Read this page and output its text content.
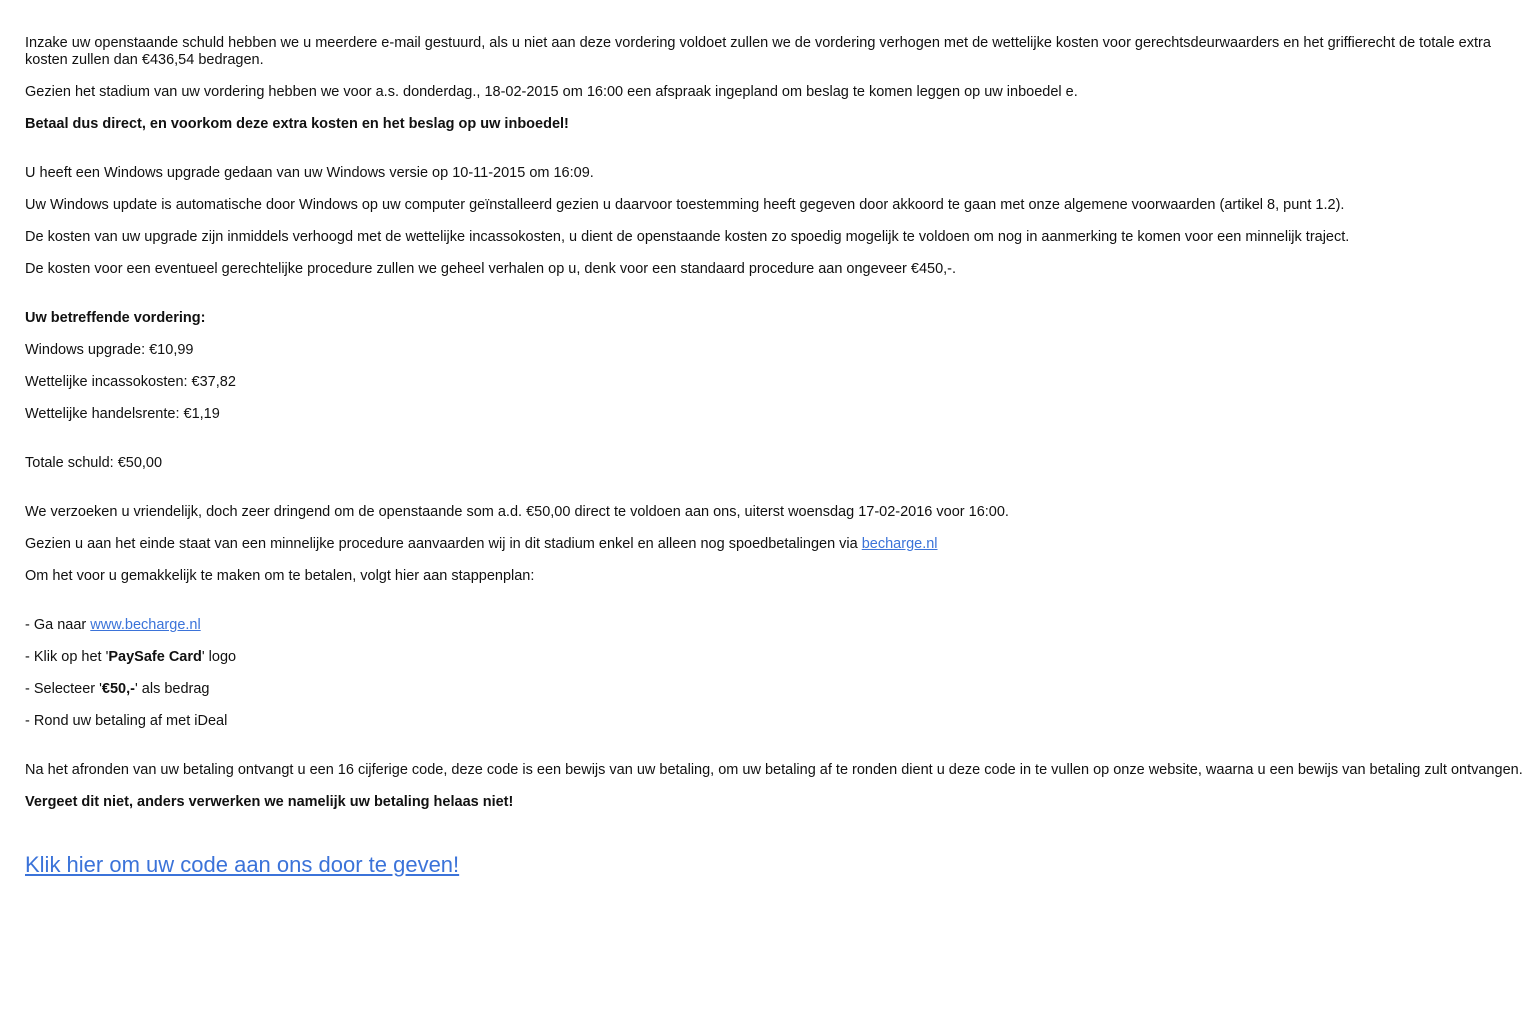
Inzake uw openstaande schuld hebben we u meerdere e-mail gestuurd, als u niet aan deze vordering voldoet zullen we de vordering verhogen met de wettelijke kosten voor gerechtsdeurwaarders en het griffierecht de totale extra kosten zullen dan €436,54 bedragen.
Gezien het stadium van uw vordering hebben we voor a.s. donderdag., 18-02-2015 om 16:00 een afspraak ingepland om beslag te komen leggen op uw inboedel e.
Betaal dus direct, en voorkom deze extra kosten en het beslag op uw inboedel!
U heeft een Windows upgrade gedaan van uw Windows versie op 10-11-2015 om 16:09.
Uw Windows update is automatische door Windows op uw computer geïnstalleerd gezien u daarvoor toestemming heeft gegeven door akkoord te gaan met onze algemene voorwaarden (artikel 8, punt 1.2).
De kosten van uw upgrade zijn inmiddels verhoogd met de wettelijke incassokosten, u dient de openstaande kosten zo spoedig mogelijk te voldoen om nog in aanmerking te komen voor een minnelijk traject.
De kosten voor een eventueel gerechtelijke procedure zullen we geheel verhalen op u, denk voor een standaard procedure aan ongeveer €450,-.
Uw betreffende vordering:
Windows upgrade: €10,99
Wettelijke incassokosten: €37,82
Wettelijke handelsrente: €1,19
Totale schuld: €50,00
We verzoeken u vriendelijk, doch zeer dringend om de openstaande som a.d. €50,00 direct te voldoen aan ons, uiterst woensdag 17-02-2016 voor 16:00.
Gezien u aan het einde staat van een minnelijke procedure aanvaarden wij in dit stadium enkel en alleen nog spoedbetalingen via becharge.nl
Om het voor u gemakkelijk te maken om te betalen, volgt hier aan stappenplan:
- Ga naar www.becharge.nl
- Klik op het 'PaySafe Card' logo
- Selecteer '€50,-' als bedrag
- Rond uw betaling af met iDeal
Na het afronden van uw betaling ontvangt u een 16 cijferige code, deze code is een bewijs van uw betaling, om uw betaling af te ronden dient u deze code in te vullen op onze website, waarna u een bewijs van betaling zult ontvangen.
Vergeet dit niet, anders verwerken we namelijk uw betaling helaas niet!
Klik hier om uw code aan ons door te geven!
